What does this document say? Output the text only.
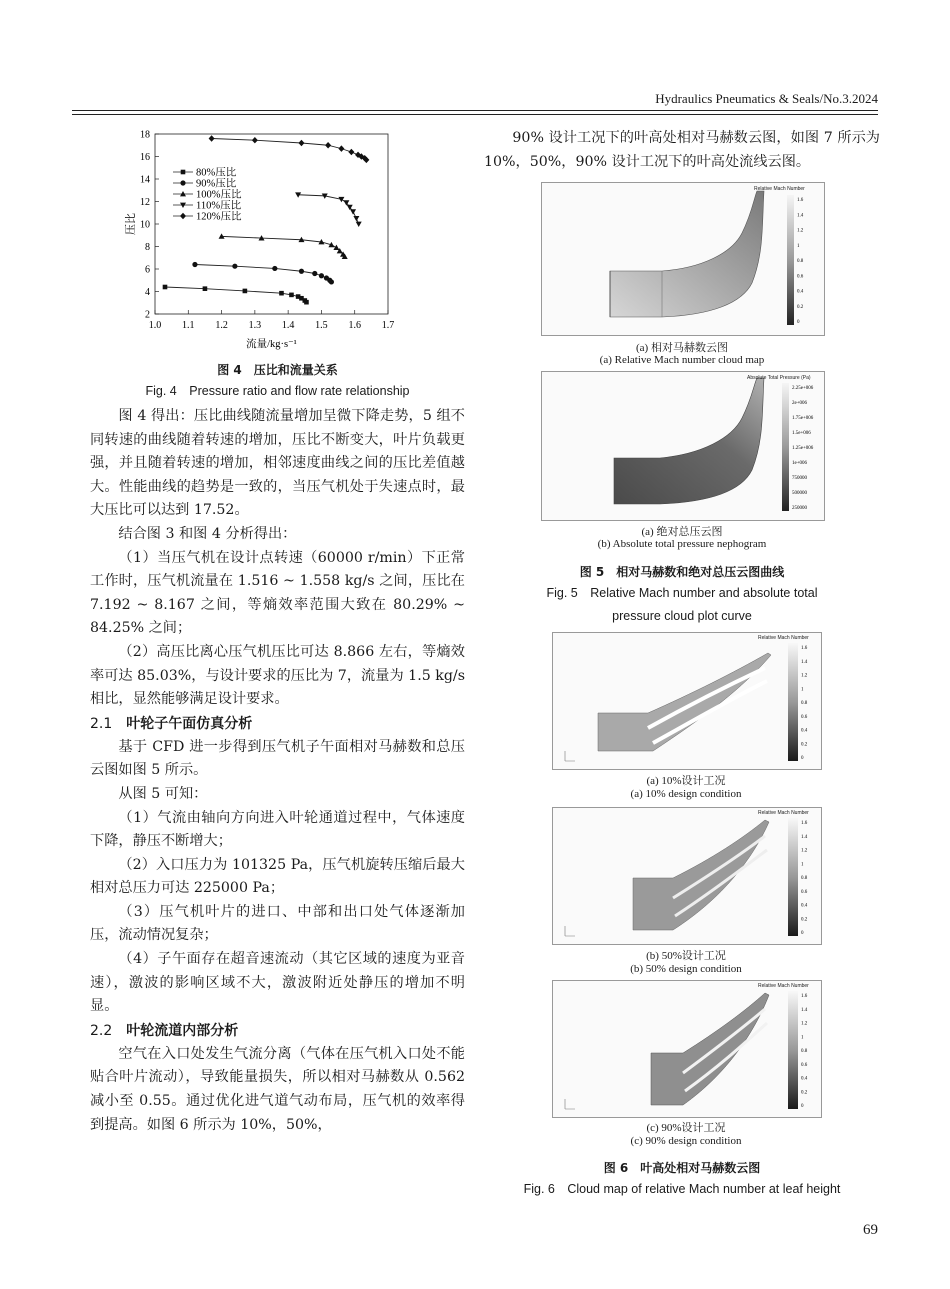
Hydraulics Pneumatics & Seals/No.3.2024
1.0 1.1 1.2 1.3 1.4 1.5 1.6 1.7
2
4
6
8
10
12
14
16
18
流量/kg·s⁻¹
压比
80%压比
90%压比
100%压比
110%压比
120%压比
图 4　压比和流量关系
Fig. 4　Pressure ratio and flow rate relationship

图 4 得出：压比曲线随流量增加呈微下降走势，5 组不同转速的曲线随着转速的增加，压比不断变大，叶片负载更强，并且随着转速的增加，相邻速度曲线之间的压比差值越大。性能曲线的趋势是一致的，当压气机处于失速点时，最大压比可以达到 17.52。

结合图 3 和图 4 分析得出：

（1）当压气机在设计点转速（60000 r/min）下正常工作时，压气机流量在 1.516 ~ 1.558 kg/s 之间，压比在 7.192 ~ 8.167 之间，等熵效率范围大致在 80.29% ~ 84.25% 之间；

（2）高压比离心压气机压比可达 8.866 左右，等熵效率可达 85.03%，与设计要求的压比为 7，流量为 1.5 kg/s 相比，显然能够满足设计要求。

2.1 叶轮子午面仿真分析

基于 CFD 进一步得到压气机子午面相对马赫数和总压云图如图 5 所示。

从图 5 可知：

（1）气流由轴向方向进入叶轮通道过程中，气体速度下降，静压不断增大；

（2）入口压力为 101325 Pa，压气机旋转压缩后最大相对总压力可达 225000 Pa；

（3）压气机叶片的进口、中部和出口处气体逐渐加压，流动情况复杂；

（4）子午面存在超音速流动（其它区域的速度为亚音速），激波的影响区域不大，激波附近处静压的增加不明显。

2.2 叶轮流道内部分析

空气在入口处发生气流分离（气体在压气机入口处不能贴合叶片流动），导致能量损失，所以相对马赫数从 0.562 减小至 0.55。通过优化进气道气动布局，压气机的效率得到提高。如图 6 所示为 10%，50%，

90% 设计工况下的叶高处相对马赫数云图，如图 7 所示为 10%，50%，90% 设计工况下的叶高处流线云图。

Relative Mach Number
1.6
1.4
1.2
1
0.8
0.6
0.4
0.2
0
(a) 相对马赫数云图
(a) Relative Mach number cloud map
Absolute Total Pressure (Pa)
2.25e+006
2e+006
1.75e+006
1.5e+006
1.25e+006
1e+006
750000
500000
250000
(a) 绝对总压云图
(b) Absolute total pressure nephogram
图 5　相对马赫数和绝对总压云图曲线
Fig. 5　Relative Mach number and absolute total
pressure cloud plot curve
1.6
1.4
1.2
1
0.8
0.6
0.4
0.2
0
Relative Mach Number
(a) 10%设计工况
(a) 10% design condition
1.6
1.4
1.2
1
0.8
0.6
0.4
0.2
0
Relative Mach Number
(b) 50%设计工况
(b) 50% design condition
1.6
1.4
1.2
1
0.8
0.6
0.4
0.2
0
Relative Mach Number
(c) 90%设计工况
(c) 90% design condition
图 6　叶高处相对马赫数云图
Fig. 6　Cloud map of relative Mach number at leaf height
69
